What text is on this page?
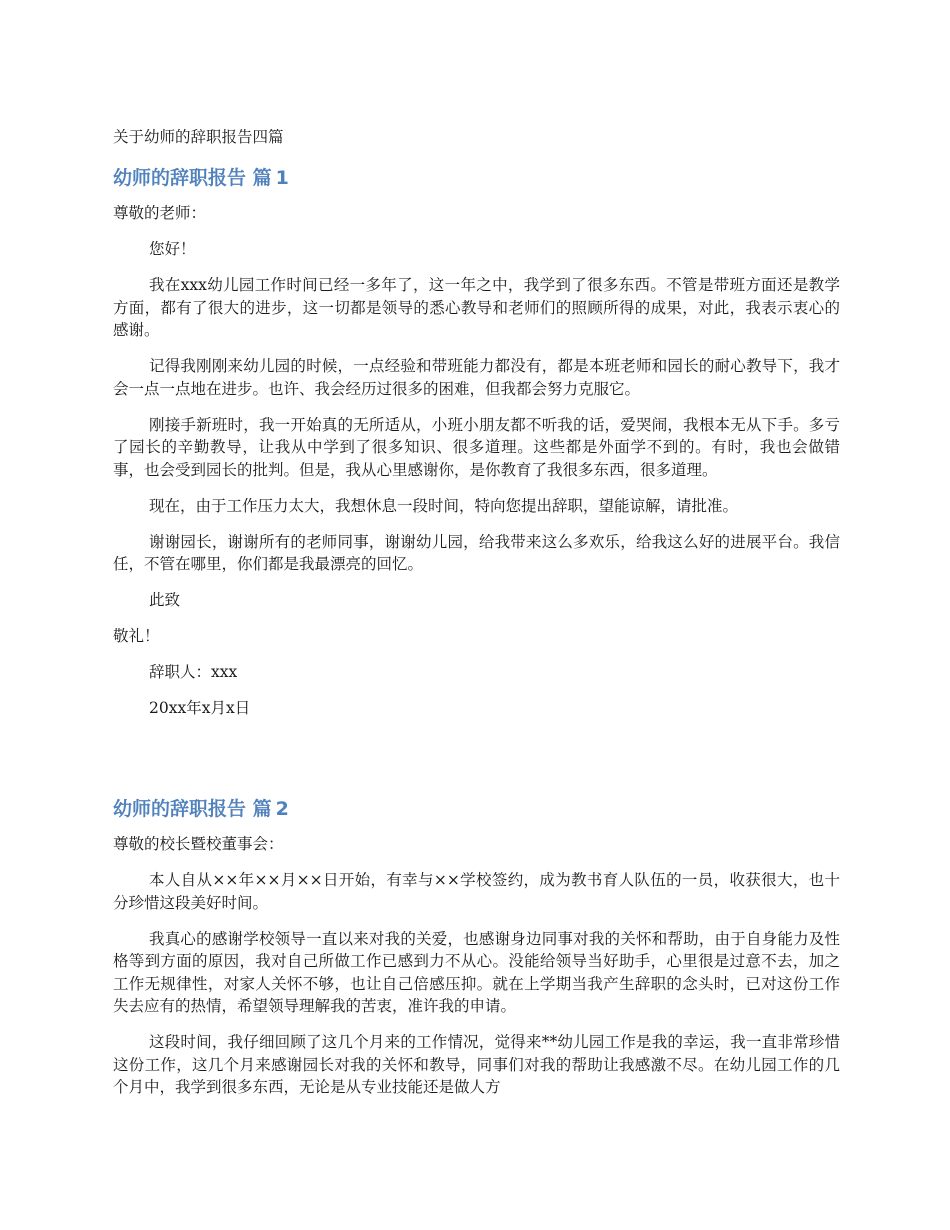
关于幼师的辞职报告四篇
幼师的辞职报告 篇 1

尊敬的老师：

您好！

我在xxx幼儿园工作时间已经一多年了，这一年之中，我学到了很多东西。不管是带班方面还是教学方面，都有了很大的进步，这一切都是领导的悉心教导和老师们的照顾所得的成果，对此，我表示衷心的感谢。

记得我刚刚来幼儿园的时候，一点经验和带班能力都没有，都是本班老师和园长的耐心教导下，我才会一点一点地在进步。也许、我会经历过很多的困难，但我都会努力克服它。

刚接手新班时，我一开始真的无所适从，小班小朋友都不听我的话，爱哭闹，我根本无从下手。多亏了园长的辛勤教导，让我从中学到了很多知识、很多道理。这些都是外面学不到的。有时，我也会做错事，也会受到园长的批判。但是，我从心里感谢你，是你教育了我很多东西，很多道理。

现在，由于工作压力太大，我想休息一段时间，特向您提出辞职，望能谅解，请批准。

谢谢园长，谢谢所有的老师同事，谢谢幼儿园，给我带来这么多欢乐，给我这么好的进展平台。我信任，不管在哪里，你们都是我最漂亮的回忆。

此致

敬礼！

辞职人：xxx

20xx年x月x日

幼师的辞职报告 篇 2

尊敬的校长暨校董事会：

本人自从××年××月××日开始，有幸与××学校签约，成为教书育人队伍的一员，收获很大，也十分珍惜这段美好时间。

我真心的感谢学校领导一直以来对我的关爱，也感谢身边同事对我的关怀和帮助，由于自身能力及性格等到方面的原因，我对自己所做工作已感到力不从心。没能给领导当好助手，心里很是过意不去，加之工作无规律性，对家人关怀不够，也让自己倍感压抑。就在上学期当我产生辞职的念头时，已对这份工作失去应有的热情，希望领导理解我的苦衷，准许我的申请。

这段时间，我仔细回顾了这几个月来的工作情况，觉得来**幼儿园工作是我的幸运，我一直非常珍惜这份工作，这几个月来感谢园长对我的关怀和教导，同事们对我的帮助让我感激不尽。在幼儿园工作的几个月中，我学到很多东西，无论是从专业技能还是做人方
